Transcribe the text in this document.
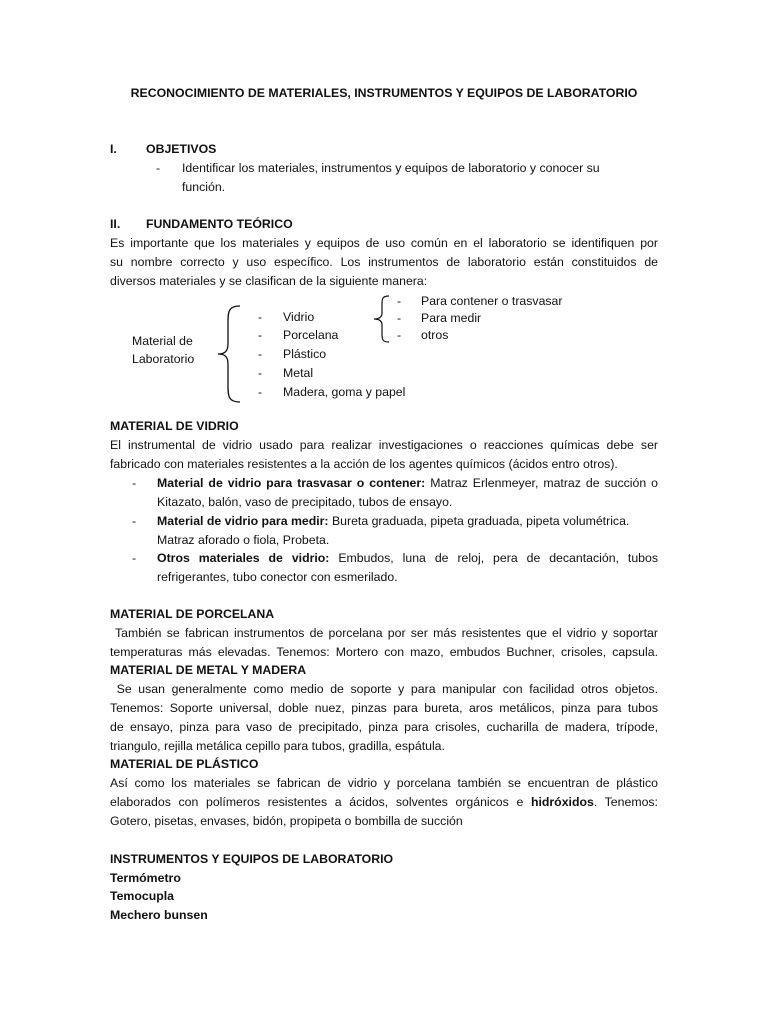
RECONOCIMIENTO DE MATERIALES, INSTRUMENTOS Y EQUIPOS DE LABORATORIO
I. OBJETIVOS
- Identificar los materiales, instrumentos y equipos de laboratorio y conocer su
función.
II. FUNDAMENTO TEÓRICO
Es importante que los materiales y equipos de uso común en el laboratorio se identifiquen por
su nombre correcto y uso específico. Los instrumentos de laboratorio están constituidos de
diversos materiales y se clasifican de la siguiente manera:
Material de
Laboratorio
- Vidrio
- Porcelana
- Plástico
- Metal
- Madera, goma y papel
- Para contener o trasvasar
- Para medir
- otros
MATERIAL DE VIDRIO
El instrumental de vidrio usado para realizar investigaciones o reacciones químicas debe ser
fabricado con materiales resistentes a la acción de los agentes químicos (ácidos entro otros).
- Material de vidrio para trasvasar o contener: Matraz Erlenmeyer, matraz de succión o
Kitazato, balón, vaso de precipitado, tubos de ensayo.
- Material de vidrio para medir: Bureta graduada, pipeta graduada, pipeta volumétrica.
Matraz aforado o fiola, Probeta.
- Otros materiales de vidrio: Embudos, luna de reloj, pera de decantación, tubos
refrigerantes, tubo conector con esmerilado.
MATERIAL DE PORCELANA
También se fabrican instrumentos de porcelana por ser más resistentes que el vidrio y soportar
temperaturas más elevadas. Tenemos: Mortero con mazo, embudos Buchner, crisoles, capsula.
MATERIAL DE METAL Y MADERA
Se usan generalmente como medio de soporte y para manipular con facilidad otros objetos.
Tenemos: Soporte universal, doble nuez, pinzas para bureta, aros metálicos, pinza para tubos
de ensayo, pinza para vaso de precipitado, pinza para crisoles, cucharilla de madera, trípode,
triangulo, rejilla metálica cepillo para tubos, gradilla, espátula.
MATERIAL DE PLÁSTICO
Así como los materiales se fabrican de vidrio y porcelana también se encuentran de plástico
elaborados con polímeros resistentes a ácidos, solventes orgánicos e hidróxidos. Tenemos:
Gotero, pisetas, envases, bidón, propipeta o bombilla de succión
INSTRUMENTOS Y EQUIPOS DE LABORATORIO
Termómetro
Temocupla
Mechero bunsen
